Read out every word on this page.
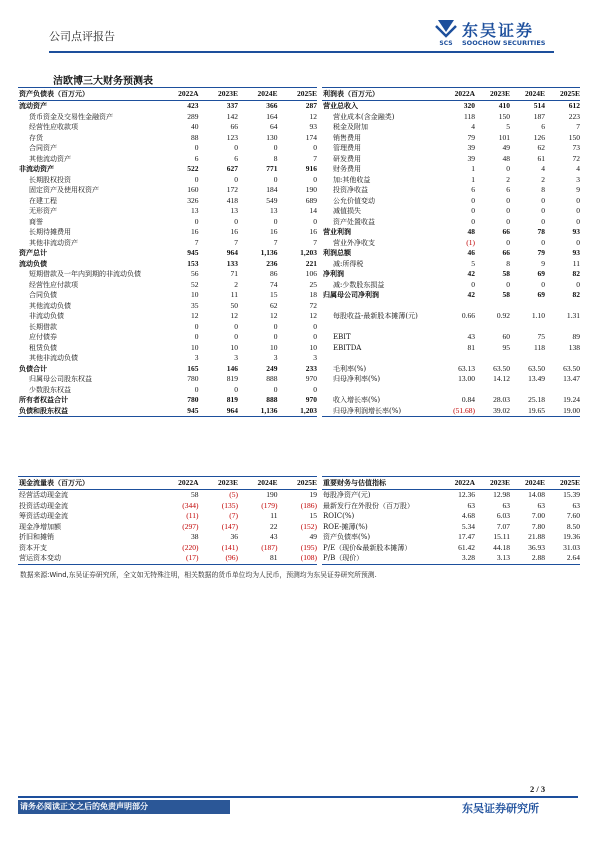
公司点评报告
SCS
东吴证券
SOOCHOW SECURITIES
洁欧博三大财务预测表
资产负债表（百万元）	2022A	2023E	2024E	2025E
流动资产	423	337	366	287
货币资金及交易性金融资产	289	142	164	12
经营性应收款项	40	66	64	93
存货	88	123	130	174
合同资产	0	0	0	0
其他流动资产	6	6	8	7
非流动资产	522	627	771	916
长期股权投资	0	0	0	0
固定资产及使用权资产	160	172	184	190
在建工程	326	418	549	689
无形资产	13	13	13	14
商誉	0	0	0	0
长期待摊费用	16	16	16	16
其他非流动资产	7	7	7	7
资产总计	945	964	1,136	1,203
流动负债	153	133	236	221
短期借款及一年内到期的非流动负债	56	71	86	106
经营性应付款项	52	2	74	25
合同负债	10	11	15	18
其他流动负债	35	50	62	72
非流动负债	12	12	12	12
长期借款	0	0	0	0
应付债券	0	0	0	0
租赁负债	10	10	10	10
其他非流动负债	3	3	3	3
负债合计	165	146	249	233
归属母公司股东权益	780	819	888	970
少数股东权益	0	0	0	0
所有者权益合计	780	819	888	970
负债和股东权益	945	964	1,136	1,203
利润表（百万元）	2022A	2023E	2024E	2025E
营业总收入	320	410	514	612
营业成本(含金融类)	118	150	187	223
税金及附加	4	5	6	7
销售费用	79	101	126	150
管理费用	39	49	62	73
研发费用	39	48	61	72
财务费用	1	0	4	4
加:其他收益	1	2	2	3
投资净收益	6	6	8	9
公允价值变动	0	0	0	0
减值损失	0	0	0	0
资产处置收益	0	0	0	0
营业利润	48	66	78	93
营业外净收支	(1)	0	0	0
利润总额	46	66	79	93
减:所得税	5	8	9	11
净利润	42	58	69	82
减:少数股东损益	0	0	0	0
归属母公司净利润	42	58	69	82

每股收益-最新股本摊薄(元)	0.66	0.92	1.10	1.31

EBIT	43	60	75	89
EBITDA	81	95	118	138

毛利率(%)	63.13	63.50	63.50	63.50
归母净利率(%)	13.00	14.12	13.49	13.47

收入增长率(%)	0.84	28.03	25.18	19.24
归母净利润增长率(%)	(51.68)	39.02	19.65	19.00
现金流量表（百万元）	2022A	2023E	2024E	2025E
经营活动现金流	58	(5)	190	19
投资活动现金流	(344)	(135)	(179)	(186)
筹资活动现金流	(11)	(7)	11	15
现金净增加额	(297)	(147)	22	(152)
折旧和摊销	38	36	43	49
资本开支	(220)	(141)	(187)	(195)
营运资本变动	(17)	(96)	81	(108)
重要财务与估值指标	2022A	2023E	2024E	2025E
每股净资产(元)	12.36	12.98	14.08	15.39
最新发行在外股份（百万股）	63	63	63	63
ROIC(%)	4.68	6.03	7.00	7.60
ROE-摊薄(%)	5.34	7.07	7.80	8.50
资产负债率(%)	17.47	15.11	21.88	19.36
P/E（现价&最新股本摊薄）	61.42	44.18	36.93	31.03
P/B（现价）	3.28	3.13	2.88	2.64
数据来源:Wind,东吴证券研究所，全文如无特殊注明，相关数据的货币单位均为人民币，预测均为东吴证券研究所预测.
2 / 3
请务必阅读正文之后的免责声明部分	东吴证券研究所
